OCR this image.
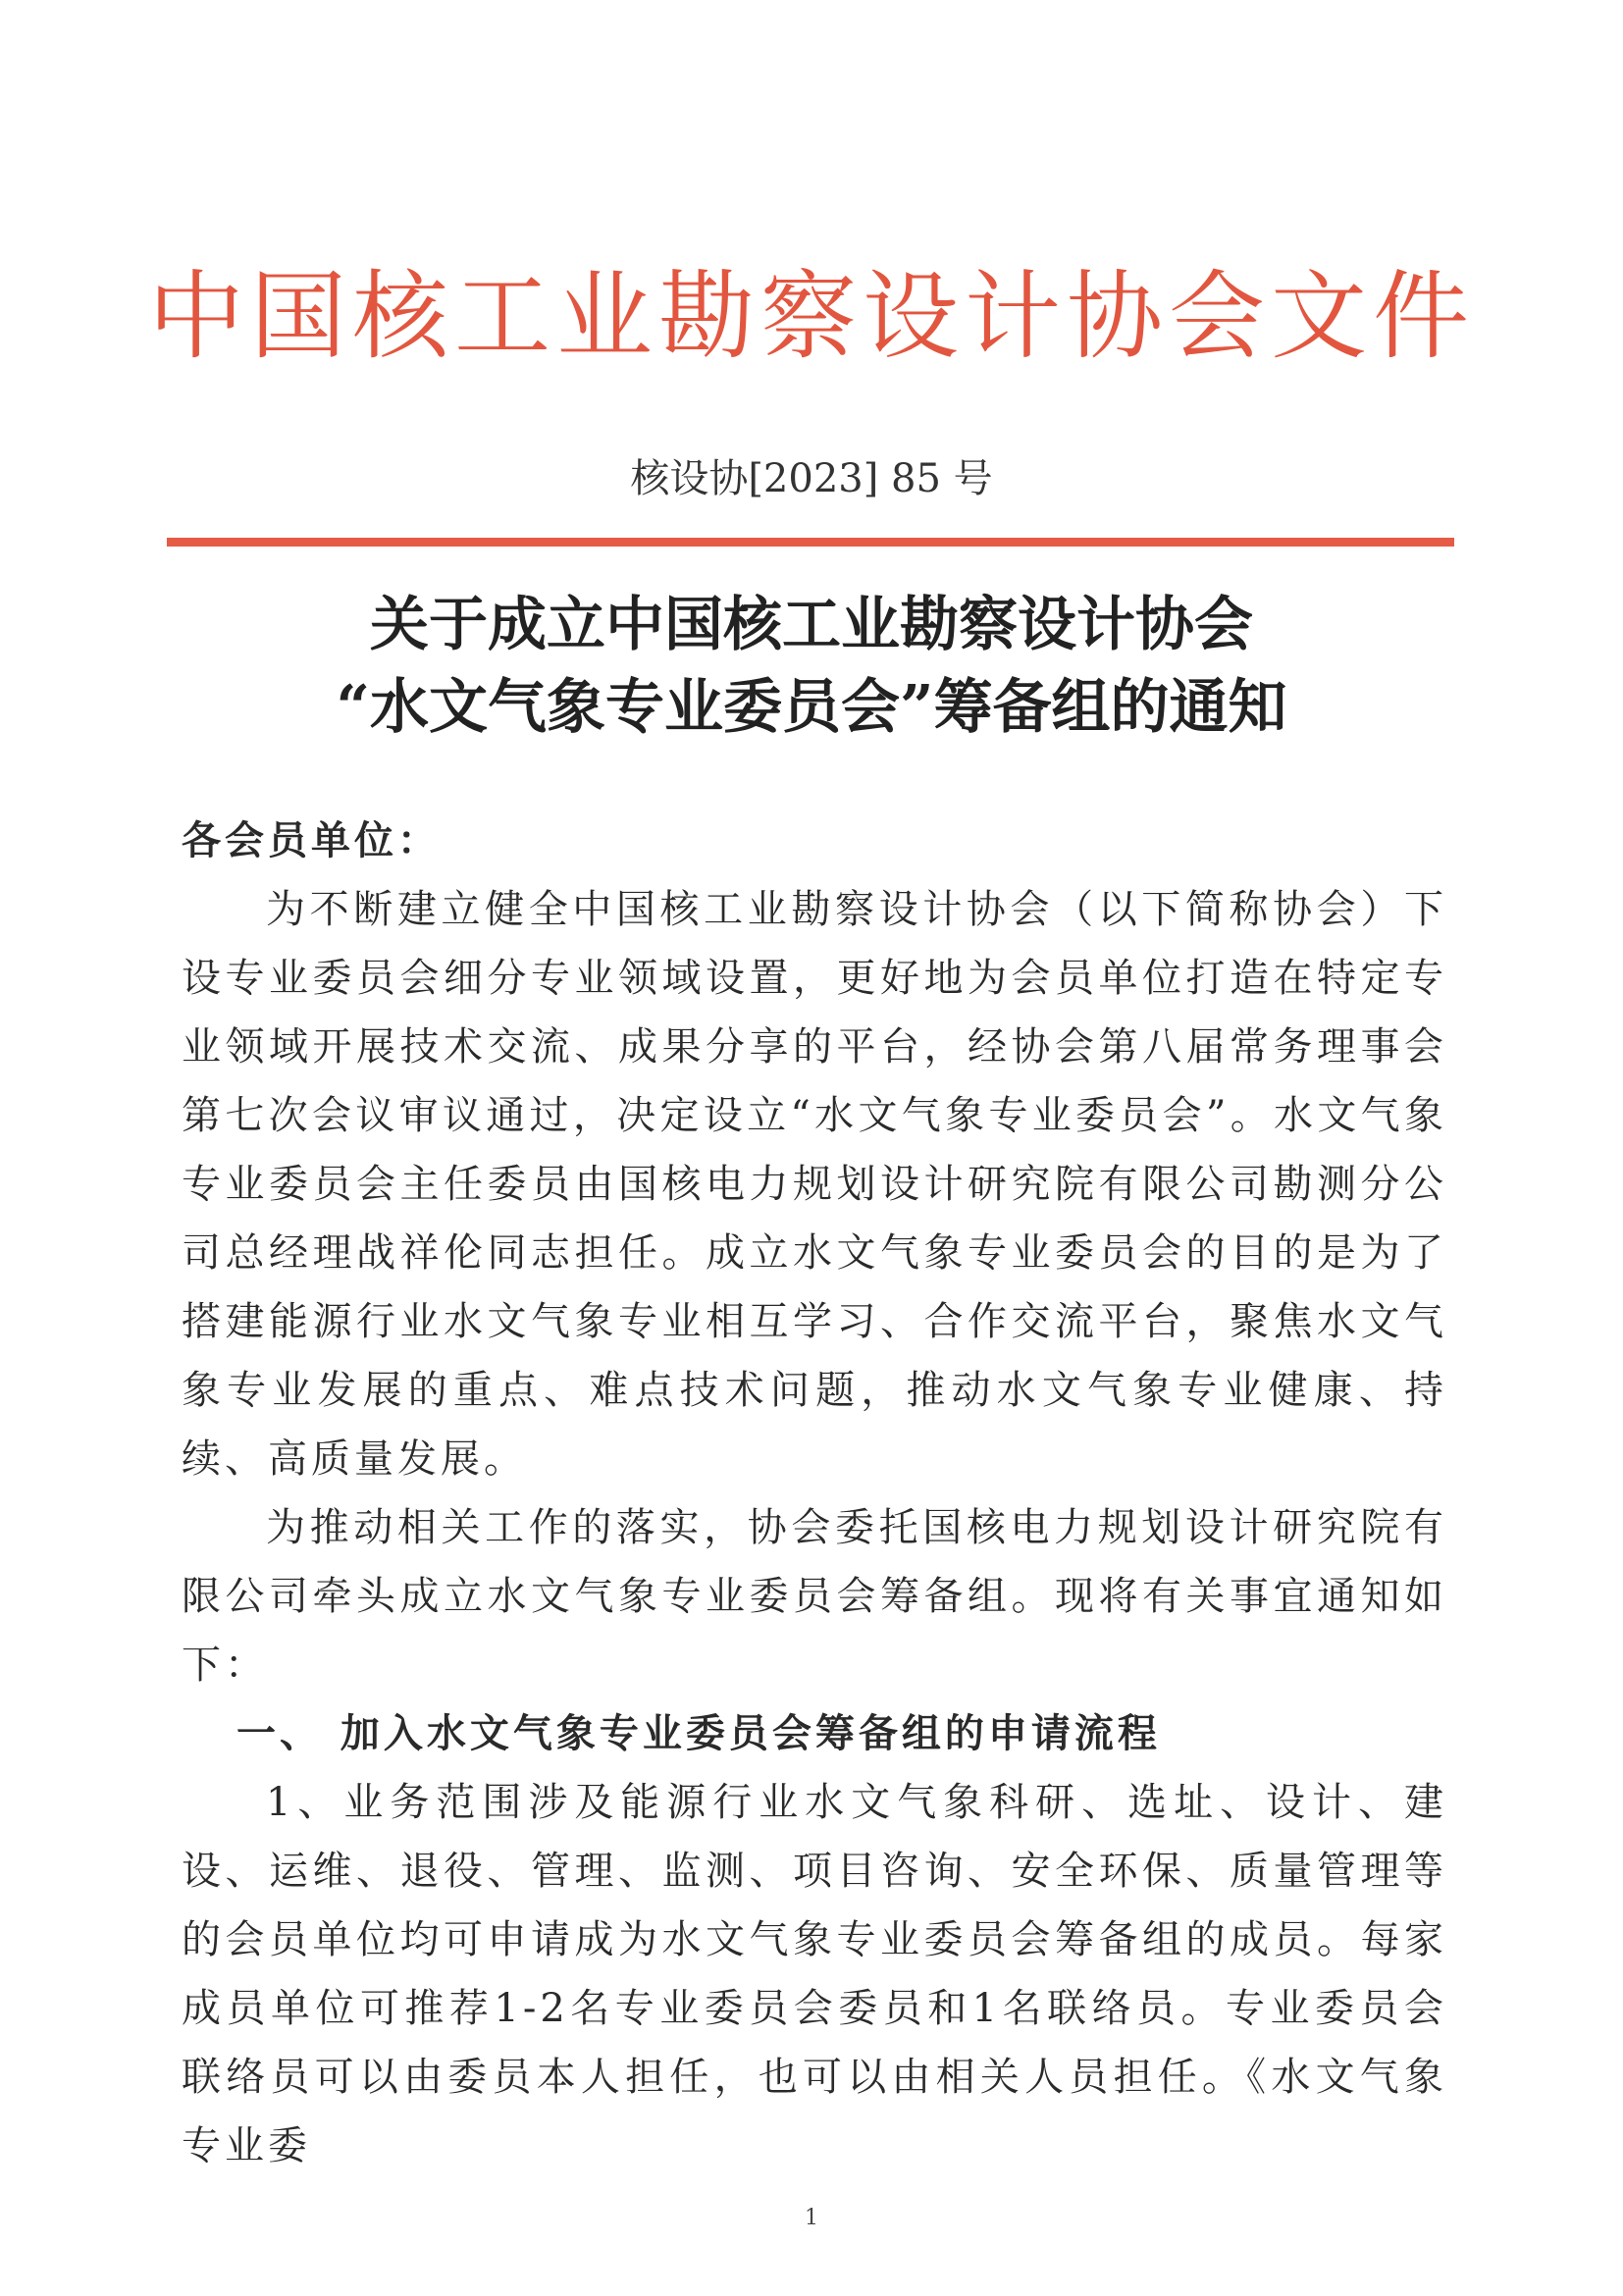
中国核工业勘察设计协会文件
核设协[2023] 85 号
关于成立中国核工业勘察设计协会
“水文气象专业委员会”筹备组的通知

各会员单位：

为不断建立健全中国核工业勘察设计协会（以下简称协会）下设专业委员会细分专业领域设置，更好地为会员单位打造在特定专业领域开展技术交流、成果分享的平台，经协会第八届常务理事会第七次会议审议通过，决定设立“水文气象专业委员会”。水文气象专业委员会主任委员由国核电力规划设计研究院有限公司勘测分公司总经理战祥伦同志担任。成立水文气象专业委员会的目的是为了搭建能源行业水文气象专业相互学习、合作交流平台，聚焦水文气象专业发展的重点、难点技术问题，推动水文气象专业健康、持续、高质量发展。

为推动相关工作的落实，协会委托国核电力规划设计研究院有限公司牵头成立水文气象专业委员会筹备组。现将有关事宜通知如下：

一、 加入水文气象专业委员会筹备组的申请流程

1、业务范围涉及能源行业水文气象科研、选址、设计、建设、运维、退役、管理、监测、项目咨询、安全环保、质量管理等的会员单位均可申请成为水文气象专业委员会筹备组的成员。每家成员单位可推荐1-2名专业委员会委员和1名联络员。专业委员会联络员可以由委员本人担任，也可以由相关人员担任。《水文气象专业委

1
